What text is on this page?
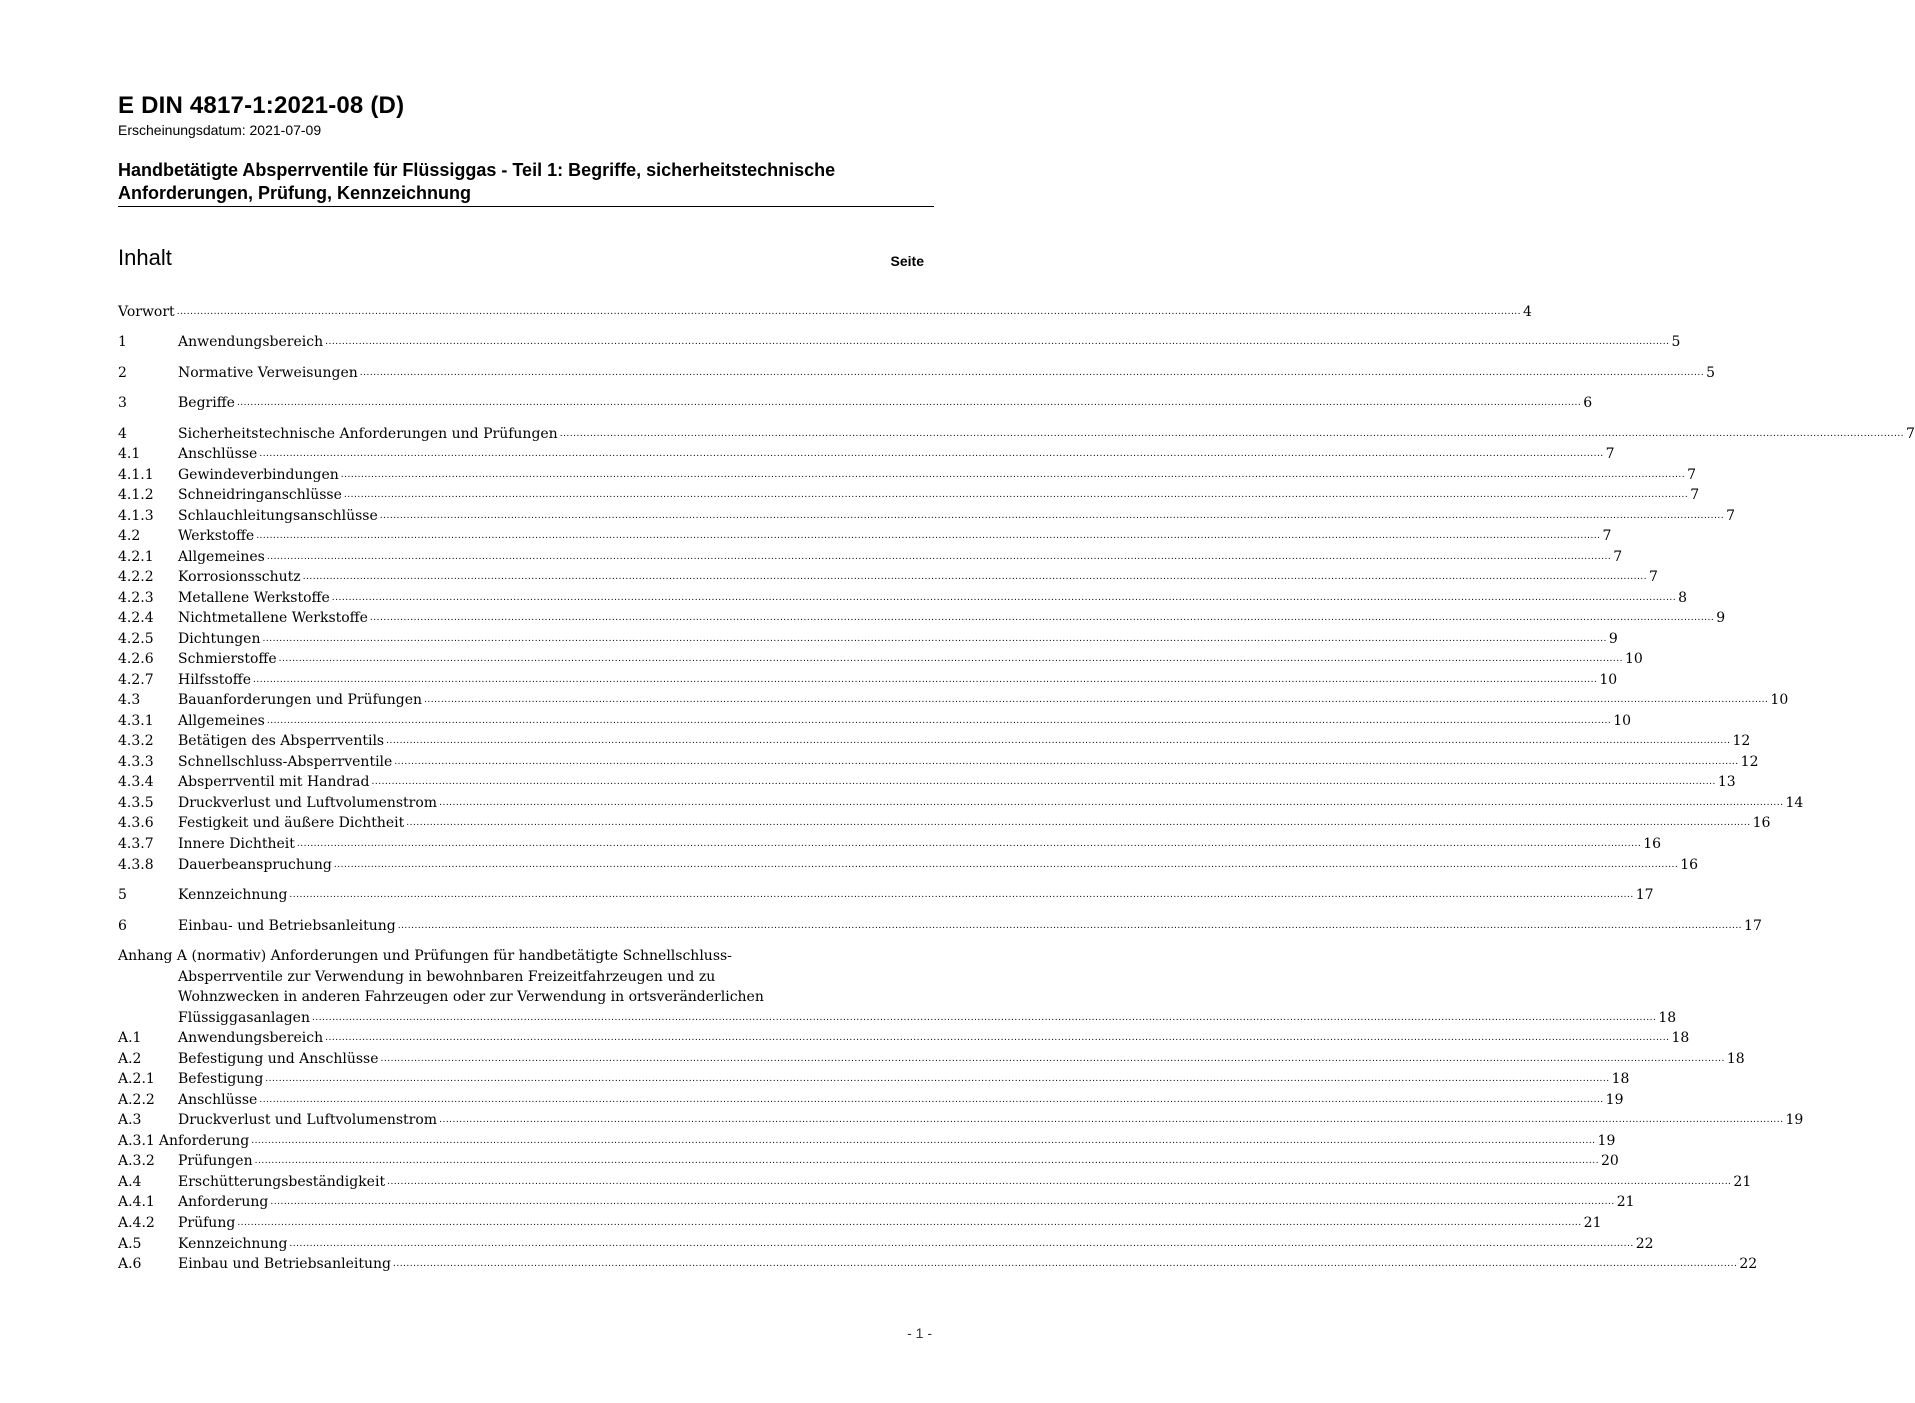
E DIN 4817-1:2021-08 (D)
Erscheinungsdatum: 2021-07-09
Handbetätigte Absperrventile für Flüssiggas - Teil 1: Begriffe, sicherheitstechnische
Anforderungen, Prüfung, Kennzeichnung
Inhalt	Seite
Vorwort ................................................................................................................................................................................................................................................................................................................................................................................................................ 4
1	Anwendungsbereich ................................................................................................................................................................................................................................................................................................................................................................................................................ 5
2	Normative Verweisungen ................................................................................................................................................................................................................................................................................................................................................................................................................ 5
3	Begriffe ................................................................................................................................................................................................................................................................................................................................................................................................................ 6
4	Sicherheitstechnische Anforderungen und Prüfungen ................................................................................................................................................................................................................................................................................................................................................................................................................ 7
4.1	Anschlüsse ................................................................................................................................................................................................................................................................................................................................................................................................................ 7
4.1.1	Gewindeverbindungen ................................................................................................................................................................................................................................................................................................................................................................................................................ 7
4.1.2	Schneidringanschlüsse ................................................................................................................................................................................................................................................................................................................................................................................................................ 7
4.1.3	Schlauchleitungsanschlüsse ................................................................................................................................................................................................................................................................................................................................................................................................................ 7
4.2	Werkstoffe ................................................................................................................................................................................................................................................................................................................................................................................................................ 7
4.2.1	Allgemeines ................................................................................................................................................................................................................................................................................................................................................................................................................ 7
4.2.2	Korrosionsschutz ................................................................................................................................................................................................................................................................................................................................................................................................................ 7
4.2.3	Metallene Werkstoffe ................................................................................................................................................................................................................................................................................................................................................................................................................ 8
4.2.4	Nichtmetallene Werkstoffe ................................................................................................................................................................................................................................................................................................................................................................................................................ 9
4.2.5	Dichtungen ................................................................................................................................................................................................................................................................................................................................................................................................................ 9
4.2.6	Schmierstoffe ................................................................................................................................................................................................................................................................................................................................................................................................................ 10
4.2.7	Hilfsstoffe ................................................................................................................................................................................................................................................................................................................................................................................................................ 10
4.3	Bauanforderungen und Prüfungen ................................................................................................................................................................................................................................................................................................................................................................................................................ 10
4.3.1	Allgemeines ................................................................................................................................................................................................................................................................................................................................................................................................................ 10
4.3.2	Betätigen des Absperrventils ................................................................................................................................................................................................................................................................................................................................................................................................................ 12
4.3.3	Schnellschluss-Absperrventile ................................................................................................................................................................................................................................................................................................................................................................................................................ 12
4.3.4	Absperrventil mit Handrad ................................................................................................................................................................................................................................................................................................................................................................................................................ 13
4.3.5	Druckverlust und Luftvolumenstrom ................................................................................................................................................................................................................................................................................................................................................................................................................ 14
4.3.6	Festigkeit und äußere Dichtheit ................................................................................................................................................................................................................................................................................................................................................................................................................ 16
4.3.7	Innere Dichtheit ................................................................................................................................................................................................................................................................................................................................................................................................................ 16
4.3.8	Dauerbeanspruchung ................................................................................................................................................................................................................................................................................................................................................................................................................ 16
5	Kennzeichnung ................................................................................................................................................................................................................................................................................................................................................................................................................ 17
6	Einbau- und Betriebsanleitung ................................................................................................................................................................................................................................................................................................................................................................................................................ 17
Anhang A (normativ) Anforderungen und Prüfungen für handbetätigte Schnellschluss-
Absperrventile zur Verwendung in bewohnbaren Freizeitfahrzeugen und zu
Wohnzwecken in anderen Fahrzeugen oder zur Verwendung in ortsveränderlichen
Flüssiggasanlagen ................................................................................................................................................................................................................................................................................................................................................................................................................ 18
A.1	Anwendungsbereich ................................................................................................................................................................................................................................................................................................................................................................................................................ 18
A.2	Befestigung und Anschlüsse ................................................................................................................................................................................................................................................................................................................................................................................................................ 18
A.2.1	Befestigung ................................................................................................................................................................................................................................................................................................................................................................................................................ 18
A.2.2	Anschlüsse ................................................................................................................................................................................................................................................................................................................................................................................................................ 19
A.3	Druckverlust und Luftvolumenstrom ................................................................................................................................................................................................................................................................................................................................................................................................................ 19
A.3.1 Anforderung ................................................................................................................................................................................................................................................................................................................................................................................................................ 19
A.3.2	Prüfungen ................................................................................................................................................................................................................................................................................................................................................................................................................ 20
A.4	Erschütterungsbeständigkeit ................................................................................................................................................................................................................................................................................................................................................................................................................ 21
A.4.1	Anforderung ................................................................................................................................................................................................................................................................................................................................................................................................................ 21
A.4.2	Prüfung ................................................................................................................................................................................................................................................................................................................................................................................................................ 21
A.5	Kennzeichnung ................................................................................................................................................................................................................................................................................................................................................................................................................ 22
A.6	Einbau und Betriebsanleitung ................................................................................................................................................................................................................................................................................................................................................................................................................ 22
- 1 -
